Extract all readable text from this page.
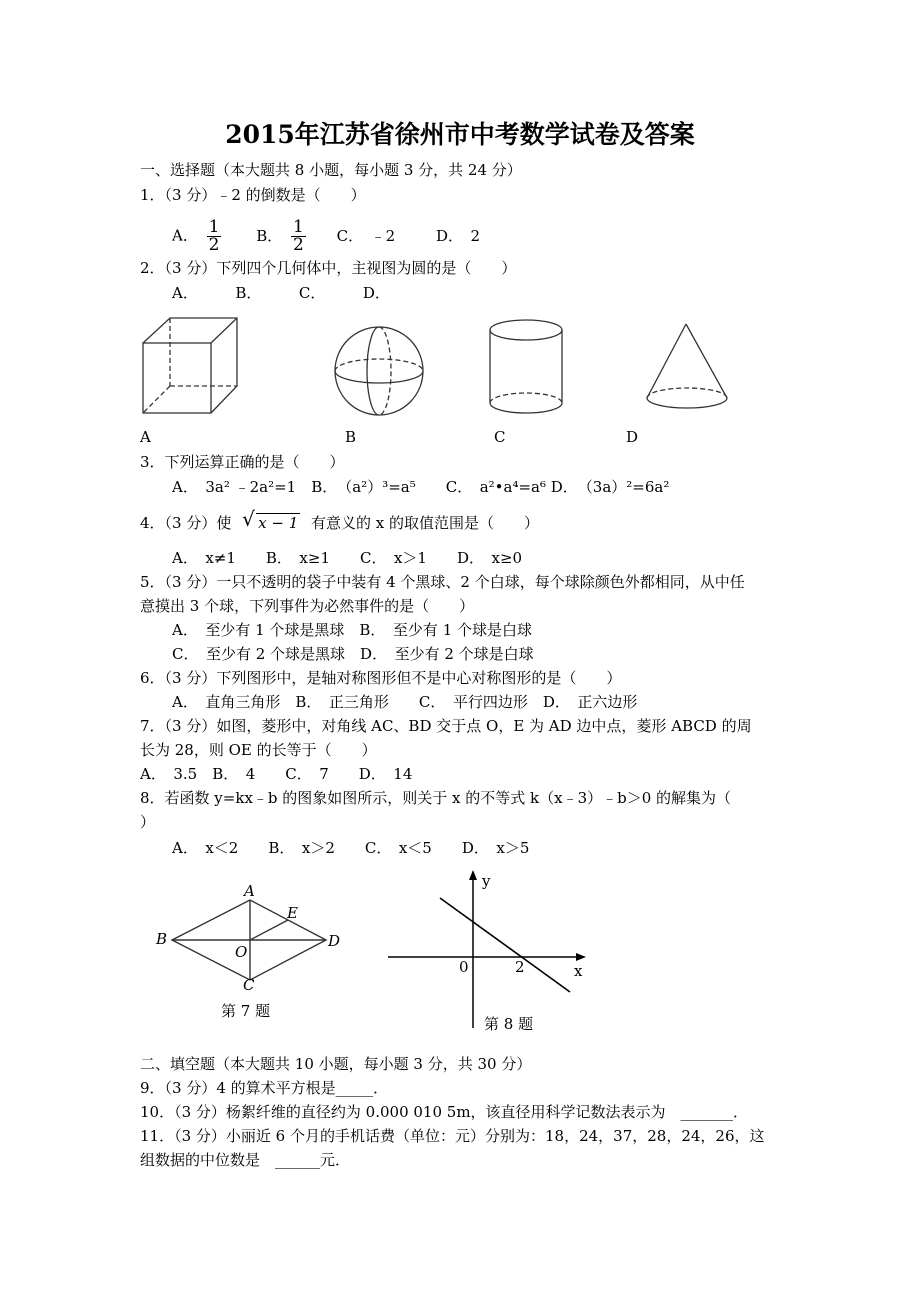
2015年江苏省徐州市中考数学试卷及答案
一、选择题（本大题共 8 小题，每小题 3 分，共 24 分）
1．（3 分）﹣2 的倒数是（　　）
A． $\frac{1}{2}$ B． $\frac{1}{2}$ C．　﹣2	D．　2
2．（3 分）下列四个几何体中，主视图为圆的是（　　）
A．　　　B．　　　C．　　　D．
A	B	C	D
3．下列运算正确的是（　　）
A．　3a² ﹣2a²=1　B．　（a²）³=a⁵　　C．　a²•a⁴=a⁶ D．　（3a）²=6a²
4．（3 分）使 √ x − 1 有意义的 x 的取值范围是（　　）
A．　x≠1　　B．　x≥1　　C．　x＞1　　D．　x≥0
5．（3 分）一只不透明的袋子中装有 4 个黑球、2 个白球，每个球除颜色外都相同，从中任
意摸出 3 个球，下列事件为必然事件的是（　　）
A．　至少有 1 个球是黑球　B．　至少有 1 个球是白球
C．　至少有 2 个球是黑球　D．　至少有 2 个球是白球
6．（3 分）下列图形中，是轴对称图形但不是中心对称图形的是（　　）
A．　直角三角形　B．　正三角形　　C．　平行四边形　D．　正六边形
7．（3 分）如图，菱形中，对角线 AC、BD 交于点 O，E 为 AD 边中点，菱形 ABCD 的周
长为 28，则 OE 的长等于（　　）
A．　3.5　B．　4　　C．　7　　D．　14
8．若函数 y=kx﹣b 的图象如图所示，则关于 x 的不等式 k（x﹣3）﹣b＞0 的解集为（
）
A．　x＜2　　B．　x＞2　　C．　x＜5　　D．　x＞5
A
B
C
D
E
O
第 7 题
y
x
0	2
第 8 题
二、填空题（本大题共 10 小题，每小题 3 分，共 30 分）
9．（3 分）4 的算术平方根是_____．
10．（3 分）杨絮纤维的直径约为 0.000 010 5m，该直径用科学记数法表示为　_______．
11．（3 分）小丽近 6 个月的手机话费（单位：元）分别为：18，24，37，28，24，26，这
组数据的中位数是　______元．
